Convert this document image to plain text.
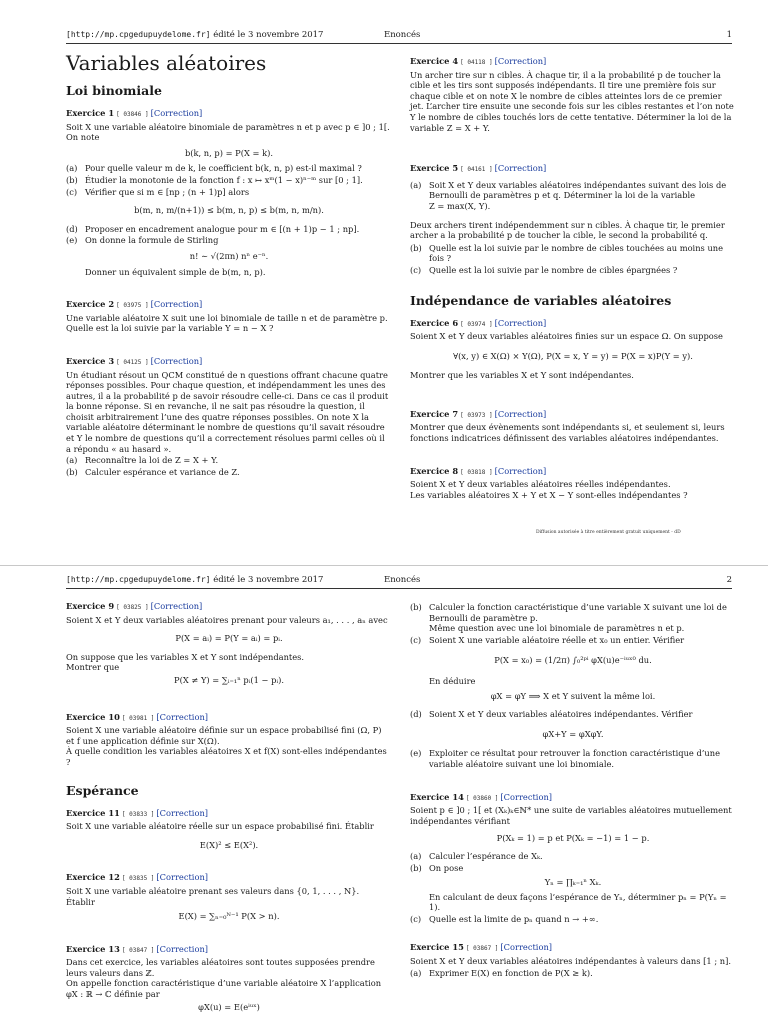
[http://mp.cpgedupuydelome.fr] édité le 3 novembre 2017	Enoncés	1
Variables aléatoires
Loi binomiale
Exercice 1 [ 03846 ] [Correction]

Soit X une variable aléatoire binomiale de paramètres n et p avec p ∈ ]0 ; 1[. On note

b(k, n, p) = P(X = k).
(a) Pour quelle valeur m de k, le coefficient b(k, n, p) est-il maximal ?
(b) Étudier la monotonie de la fonction f : x ↦ xᵐ(1 − x)ⁿ⁻ᵐ sur [0 ; 1].
(c) Vérifier que si m ∈ [np ; (n + 1)p] alors
b(m, n, m/(n+1)) ≤ b(m, n, p) ≤ b(m, n, m/n).
(d) Proposer en encadrement analogue pour m ∈ [(n + 1)p − 1 ; np].
(e) On donne la formule de Stirling
n! ∼ √(2πn) nⁿ e⁻ⁿ.

Donner un équivalent simple de b(m, n, p).

Exercice 2 [ 03975 ] [Correction]

Une variable aléatoire X suit une loi binomiale de taille n et de paramètre p. Quelle est la loi suivie par la variable Y = n − X ?

Exercice 3 [ 04125 ] [Correction]

Un étudiant résout un QCM constitué de n questions offrant chacune quatre réponses possibles. Pour chaque question, et indépendamment les unes des autres, il a la probabilité p de savoir résoudre celle-ci. Dans ce cas il produit la bonne réponse. Si en revanche, il ne sait pas résoudre la question, il choisit arbitrairement l’une des quatre réponses possibles. On note X la variable aléatoire déterminant le nombre de questions qu’il savait résoudre et Y le nombre de questions qu’il a correctement résolues parmi celles où il a répondu « au hasard ».

(a) Reconnaître la loi de Z = X + Y.
(b) Calculer espérance et variance de Z.
Exercice 4 [ 04118 ] [Correction]

Un archer tire sur n cibles. À chaque tir, il a la probabilité p de toucher la cible et les tirs sont supposés indépendants. Il tire une première fois sur chaque cible et on note X le nombre de cibles atteintes lors de ce premier jet. L’archer tire ensuite une seconde fois sur les cibles restantes et l’on note Y le nombre de cibles touchés lors de cette tentative. Déterminer la loi de la variable Z = X + Y.

Exercice 5 [ 04161 ] [Correction]
(a) Soit X et Y deux variables aléatoires indépendantes suivant des lois de Bernoulli de paramètres p et q. Déterminer la loi de la variable
Z = max(X, Y).

Deux archers tirent indépendemment sur n cibles. À chaque tir, le premier archer a la probabilité p de toucher la cible, le second la probabilité q.

(b) Quelle est la loi suivie par le nombre de cibles touchées au moins une fois ?
(c) Quelle est la loi suivie par le nombre de cibles épargnées ?
Indépendance de variables aléatoires
Exercice 6 [ 03974 ] [Correction]

Soient X et Y deux variables aléatoires finies sur un espace Ω. On suppose

∀(x, y) ∈ X(Ω) × Y(Ω), P(X = x, Y = y) = P(X = x)P(Y = y).

Montrer que les variables X et Y sont indépendantes.

Exercice 7 [ 03973 ] [Correction]

Montrer que deux évènements sont indépendants si, et seulement si, leurs fonctions indicatrices définissent des variables aléatoires indépendantes.

Exercice 8 [ 03818 ] [Correction]

Soient X et Y deux variables aléatoires réelles indépendantes.

Les variables aléatoires X + Y et X − Y sont-elles indépendantes ?

Diffusion autorisée à titre entièrement gratuit uniquement - dD
[http://mp.cpgedupuydelome.fr] édité le 3 novembre 2017	Enoncés	2
Exercice 9 [ 03825 ] [Correction]

Soient X et Y deux variables aléatoires prenant pour valeurs a₁, . . . , aₙ avec

P(X = aᵢ) = P(Y = aᵢ) = pᵢ.

On suppose que les variables X et Y sont indépendantes.

Montrer que

P(X ≠ Y) = ∑ᵢ₌₁ⁿ pᵢ(1 − pᵢ).
Exercice 10 [ 03981 ] [Correction]

Soient X une variable aléatoire définie sur un espace probabilisé fini (Ω, P) et f une application définie sur X(Ω).

À quelle condition les variables aléatoires X et f(X) sont-elles indépendantes ?

Espérance
Exercice 11 [ 03833 ] [Correction]

Soit X une variable aléatoire réelle sur un espace probabilisé fini. Établir

E(X)² ≤ E(X²).
Exercice 12 [ 03835 ] [Correction]

Soit X une variable aléatoire prenant ses valeurs dans {0, 1, . . . , N}.

Établir

E(X) = ∑ₙ₌₀ᴺ⁻¹ P(X > n).
Exercice 13 [ 03847 ] [Correction]

Dans cet exercice, les variables aléatoires sont toutes supposées prendre leurs valeurs dans ℤ.

On appelle fonction caractéristique d’une variable aléatoire X l’application φX : ℝ → ℂ définie par

φX(u) = E(eⁱᵘˣ)
(b) Calculer la fonction caractéristique d’une variable X suivant une loi de Bernoulli de paramètre p.
Même question avec une loi binomiale de paramètres n et p.
(c) Soient X une variable aléatoire réelle et x₀ un entier. Vérifier
P(X = x₀) = (1/2π) ∫₀²ᵖⁱ φX(u)e⁻ⁱᵘˣ⁰ du.

En déduire

φX = φY ⟹ X et Y suivent la même loi.
(d) Soient X et Y deux variables aléatoires indépendantes. Vérifier
φX+Y = φXφY.
(e) Exploiter ce résultat pour retrouver la fonction caractéristique d’une variable aléatoire suivant une loi binomiale.
Exercice 14 [ 03860 ] [Correction]

Soient p ∈ ]0 ; 1[ et (Xₖ)ₖ∈ℕ* une suite de variables aléatoires mutuellement indépendantes vérifiant

P(Xₖ = 1) = p et P(Xₖ = −1) = 1 − p.
(a) Calculer l’espérance de Xₖ.
(b) On pose
Yₙ = ∏ₖ₌₁ⁿ Xₖ.

En calculant de deux façons l’espérance de Yₙ, déterminer pₙ = P(Yₙ = 1).

(c) Quelle est la limite de pₙ quand n → +∞.
Exercice 15 [ 03867 ] [Correction]

Soient X et Y deux variables aléatoires indépendantes à valeurs dans [1 ; n].

(a) Exprimer E(X) en fonction de P(X ≥ k).
